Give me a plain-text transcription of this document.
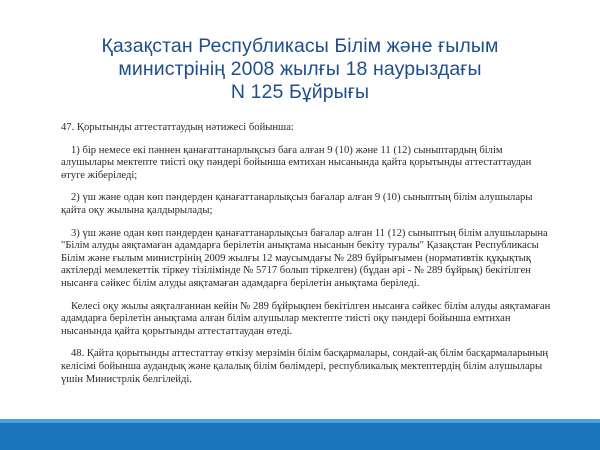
Қазақстан Республикасы Білім және ғылым
министрінің 2008 жылғы 18 наурыздағы
N 125 Бұйрығы

47. Қорытынды аттестаттаудың нәтижесі бойынша:

1) бір немесе екі пәннен қанағаттанарлықсыз баға алған 9 (10) және 11 (12) сыныптардың білім алушылары мектепте тиісті оқу пәндері бойынша емтихан нысанында қайта қорытынды аттестаттаудан өтуге жіберіледі;

2) үш және одан көп пәндерден қанағаттанарлықсыз бағалар алған 9 (10) сыныптың білім алушылары қайта оқу жылына қалдырылады;

3) үш және одан көп пәндерден қанағаттанарлықсыз бағалар алған 11 (12) сыныптың білім алушыларына "Білім алуды аяқтамаған адамдарға берілетін анықтама нысанын бекіту туралы" Қазақстан Республикасы Білім және ғылым министрінің 2009 жылғы 12 маусымдағы № 289 бұйрығымен (нормативтік құқықтық актілерді мемлекеттік тіркеу тізілімінде № 5717 болып тіркелген) (бұдан әрі - № 289 бұйрық) бекітілген нысанға сәйкес білім алуды аяқтамаған адамдарға берілетін анықтама беріледі.

Келесі оқу жылы аяқталғаннан кейін № 289 бұйрықпен бекітілген нысанға сәйкес білім алуды аяқтамаған адамдарға берілетін анықтама алған білім алушылар мектепте тиісті оқу пәндері бойынша емтихан нысанында қайта қорытынды аттестаттаудан өтеді.

48. Қайта қорытынды аттестаттау өткізу мерзімін білім басқармалары, сондай-ақ білім басқармаларының келісімі бойынша аудандық және қалалық білім бөлімдері, республикалық мектептердің білім алушылары үшін Министрлік белгілейді.
